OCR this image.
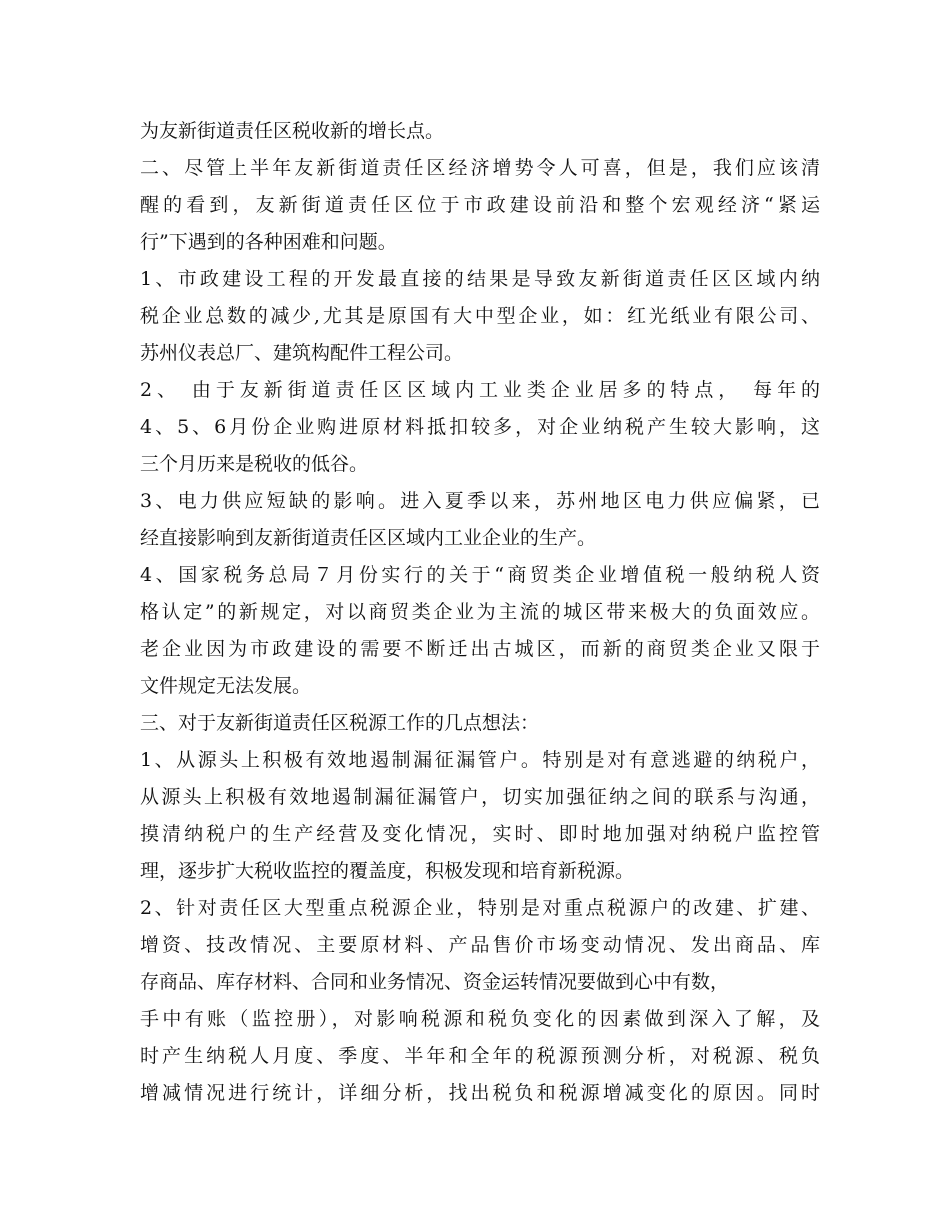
为友新街道责任区税收新的增长点。
二、尽管上半年友新街道责任区经济增势令人可喜，但是，我们应该清
醒的看到，友新街道责任区位于市政建设前沿和整个宏观经济“紧运
行”下遇到的各种困难和问题。
1、市政建设工程的开发最直接的结果是导致友新街道责任区区域内纳
税企业总数的减少,尤其是原国有大中型企业，如：红光纸业有限公司、
苏州仪表总厂、建筑构配件工程公司。
2、 由于友新街道责任区区域内工业类企业居多的特点， 每年的
4、5、6月份企业购进原材料抵扣较多，对企业纳税产生较大影响，这
三个月历来是税收的低谷。
3、电力供应短缺的影响。进入夏季以来，苏州地区电力供应偏紧，已
经直接影响到友新街道责任区区域内工业企业的生产。
4、国家税务总局７月份实行的关于“商贸类企业增值税一般纳税人资
格认定”的新规定，对以商贸类企业为主流的城区带来极大的负面效应。
老企业因为市政建设的需要不断迁出古城区，而新的商贸类企业又限于
文件规定无法发展。
三、对于友新街道责任区税源工作的几点想法：
1、从源头上积极有效地遏制漏征漏管户。特别是对有意逃避的纳税户，
从源头上积极有效地遏制漏征漏管户，切实加强征纳之间的联系与沟通，
摸清纳税户的生产经营及变化情况，实时、即时地加强对纳税户监控管
理，逐步扩大税收监控的覆盖度，积极发现和培育新税源。
2、针对责任区大型重点税源企业，特别是对重点税源户的改建、扩建、
增资、技改情况、主要原材料、产品售价市场变动情况、发出商品、库
存商品、库存材料、合同和业务情况、资金运转情况要做到心中有数，
手中有账（监控册），对影响税源和税负变化的因素做到深入了解，及
时产生纳税人月度、季度、半年和全年的税源预测分析，对税源、税负
增减情况进行统计，详细分析，找出税负和税源增减变化的原因。同时
